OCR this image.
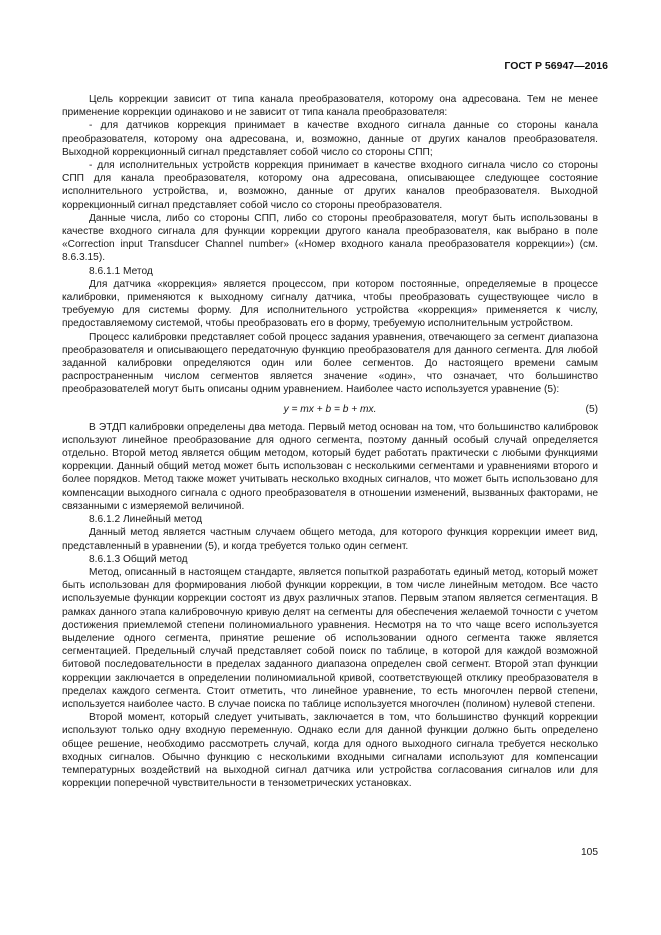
ГОСТ Р 56947—2016

Цель коррекции зависит от типа канала преобразователя, которому она адресована. Тем не менее применение коррекции одинаково и не зависит от типа канала преобразователя:

- для датчиков коррекция принимает в качестве входного сигнала данные со стороны канала преобразователя, которому она адресована, и, возможно, данные от других каналов преобразователя. Выходной коррекционный сигнал представляет собой число со стороны СПП;

- для исполнительных устройств коррекция принимает в качестве входного сигнала число со стороны СПП для канала преобразователя, которому она адресована, описывающее следующее состояние исполнительного устройства, и, возможно, данные от других каналов преобразователя. Выходной коррекционный сигнал представляет собой число со стороны преобразователя.

Данные числа, либо со стороны СПП, либо со стороны преобразователя, могут быть использованы в качестве входного сигнала для функции коррекции другого канала преобразователя, как выбрано в поле «Correction input Transducer Channel number» («Номер входного канала преобразователя коррекции») (см. 8.6.3.15).

8.6.1.1 Метод

Для датчика «коррекция» является процессом, при котором постоянные, определяемые в процессе калибровки, применяются к выходному сигналу датчика, чтобы преобразовать существующее число в требуемую для системы форму. Для исполнительного устройства «коррекция» применяется к числу, предоставляемому системой, чтобы преобразовать его в форму, требуемую исполнительным устройством.

Процесс калибровки представляет собой процесс задания уравнения, отвечающего за сегмент диапазона преобразователя и описывающего передаточную функцию преобразователя для данного сегмента. Для любой заданной калибровки определяются один или более сегментов. До настоящего времени самым распространенным числом сегментов является значение «один», что означает, что большинство преобразователей могут быть описаны одним уравнением. Наиболее часто используется уравнение (5):

y = mx + b = b + mx.	(5)

В ЭТДП калибровки определены два метода. Первый метод основан на том, что большинство калибровок используют линейное преобразование для одного сегмента, поэтому данный особый случай определяется отдельно. Второй метод является общим методом, который будет работать практически с любыми функциями коррекции. Данный общий метод может быть использован с несколькими сегментами и уравнениями второго и более порядков. Метод также может учитывать несколько входных сигналов, что может быть использовано для компенсации выходного сигнала с одного преобразователя в отношении изменений, вызванных факторами, не связанными с измеряемой величиной.

8.6.1.2 Линейный метод

Данный метод является частным случаем общего метода, для которого функция коррекции имеет вид, представленный в уравнении (5), и когда требуется только один сегмент.

8.6.1.3 Общий метод

Метод, описанный в настоящем стандарте, является попыткой разработать единый метод, который может быть использован для формирования любой функции коррекции, в том числе линейным методом. Все часто используемые функции коррекции состоят из двух различных этапов. Первым этапом является сегментация. В рамках данного этапа калибровочную кривую делят на сегменты для обеспечения желаемой точности с учетом достижения приемлемой степени полиномиального уравнения. Несмотря на то что чаще всего используется выделение одного сегмента, принятие решение об использовании одного сегмента также является сегментацией. Предельный случай представляет собой поиск по таблице, в которой для каждой возможной битовой последовательности в пределах заданного диапазона определен свой сегмент. Второй этап функции коррекции заключается в определении полиномиальной кривой, соответствующей отклику преобразователя в пределах каждого сегмента. Стоит отметить, что линейное уравнение, то есть многочлен первой степени, используется наиболее часто. В случае поиска по таблице используется многочлен (полином) нулевой степени.

Второй момент, который следует учитывать, заключается в том, что большинство функций коррекции используют только одну входную переменную. Однако если для данной функции должно быть определено общее решение, необходимо рассмотреть случай, когда для одного выходного сигнала требуется несколько входных сигналов. Обычно функцию с несколькими входными сигналами используют для компенсации температурных воздействий на выходной сигнал датчика или устройства согласования сигналов или для коррекции поперечной чувствительности в тензометрических установках.

105
